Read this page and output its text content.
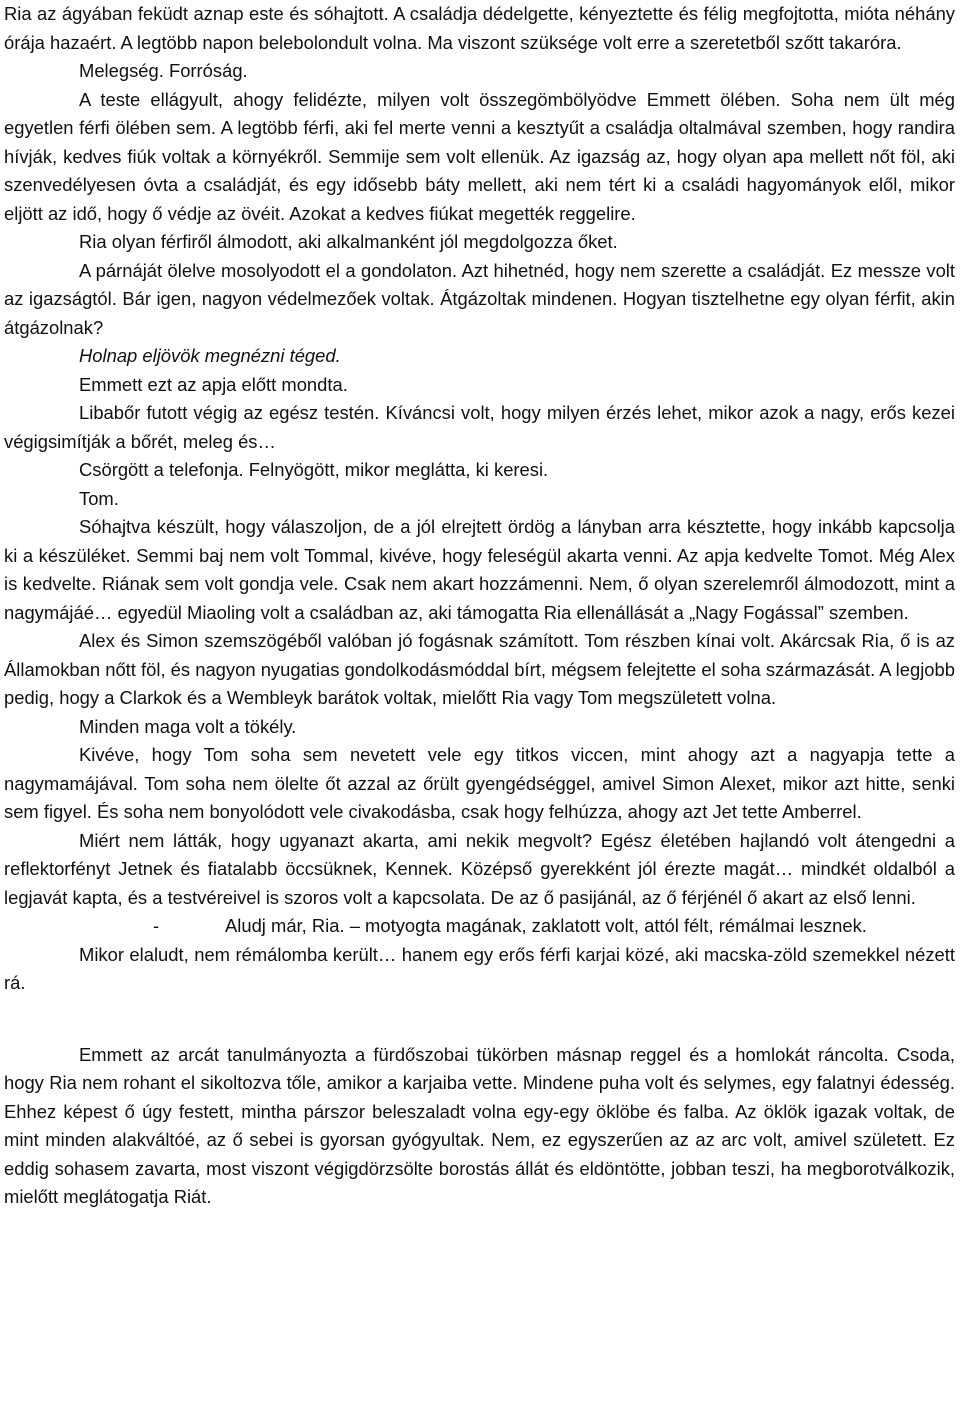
Ria az ágyában feküdt aznap este és sóhajtott. A családja dédelgette, kényeztette és félig megfojtotta, mióta néhány órája hazaért. A legtöbb napon belebolondult volna. Ma viszont szüksége volt erre a szeretetből szőtt takaróra.

Melegség. Forróság.

A teste ellágyult, ahogy felidézte, milyen volt összegömbölyödve Emmett ölében. Soha nem ült még egyetlen férfi ölében sem. A legtöbb férfi, aki fel merte venni a kesztyűt a családja oltalmával szemben, hogy randira hívják, kedves fiúk voltak a környékről. Semmije sem volt ellenük. Az igazság az, hogy olyan apa mellett nőt föl, aki szenvedélyesen óvta a családját, és egy idősebb báty mellett, aki nem tért ki a családi hagyományok elől, mikor eljött az idő, hogy ő védje az övéit. Azokat a kedves fiúkat megették reggelire.

Ria olyan férfiről álmodott, aki alkalmanként jól megdolgozza őket.

A párnáját ölelve mosolyodott el a gondolaton. Azt hihetnéd, hogy nem szerette a családját. Ez messze volt az igazságtól. Bár igen, nagyon védelmezőek voltak. Átgázoltak mindenen. Hogyan tisztelhetne egy olyan férfit, akin átgázolnak?

Holnap eljövök megnézni téged.

Emmett ezt az apja előtt mondta.

Libabőr futott végig az egész testén. Kíváncsi volt, hogy milyen érzés lehet, mikor azok a nagy, erős kezei végigsimítják a bőrét, meleg és…

Csörgött a telefonja. Felnyögött, mikor meglátta, ki keresi.

Tom.

Sóhajtva készült, hogy válaszoljon, de a jól elrejtett ördög a lányban arra késztette, hogy inkább kapcsolja ki a készüléket. Semmi baj nem volt Tommal, kivéve, hogy feleségül akarta venni. Az apja kedvelte Tomot. Még Alex is kedvelte. Riának sem volt gondja vele. Csak nem akart hozzámenni. Nem, ő olyan szerelemről álmodozott, mint a nagymájáé… egyedül Miaoling volt a családban az, aki támogatta Ria ellenállását a „Nagy Fogással” szemben.

Alex és Simon szemszögéből valóban jó fogásnak számított. Tom részben kínai volt. Akárcsak Ria, ő is az Államokban nőtt föl, és nagyon nyugatias gondolkodásmóddal bírt, mégsem felejtette el soha származását. A legjobb pedig, hogy a Clarkok és a Wembleyk barátok voltak, mielőtt Ria vagy Tom megszületett volna.

Minden maga volt a tökély.

Kivéve, hogy Tom soha sem nevetett vele egy titkos viccen, mint ahogy azt a nagyapja tette a nagymamájával. Tom soha nem ölelte őt azzal az őrült gyengédséggel, amivel Simon Alexet, mikor azt hitte, senki sem figyel. És soha nem bonyolódott vele civakodásba, csak hogy felhúzza, ahogy azt Jet tette Amberrel.

Miért nem látták, hogy ugyanazt akarta, ami nekik megvolt? Egész életében hajlandó volt átengedni a reflektorfényt Jetnek és fiatalabb öccsüknek, Kennek. Középső gyerekként jól érezte magát… mindkét oldalból a legjavát kapta, és a testvéreivel is szoros volt a kapcsolata. De az ő pasijánál, az ő férjénél ő akart az első lenni.

-	Aludj már, Ria. – motyogta magának, zaklatott volt, attól félt, rémálmai lesznek.

Mikor elaludt, nem rémálomba került… hanem egy erős férfi karjai közé, aki macska-zöld szemekkel nézett rá.

Emmett az arcát tanulmányozta a fürdőszobai tükörben másnap reggel és a homlokát ráncolta. Csoda, hogy Ria nem rohant el sikoltozva tőle, amikor a karjaiba vette. Mindene puha volt és selymes, egy falatnyi édesség. Ehhez képest ő úgy festett, mintha párszor beleszaladt volna egy-egy öklöbe és falba. Az öklök igazak voltak, de mint minden alakváltóé, az ő sebei is gyorsan gyógyultak. Nem, ez egyszerűen az az arc volt, amivel született. Ez eddig sohasem zavarta, most viszont végigdörzsölte borostás állát és eldöntötte, jobban teszi, ha megborotválkozik, mielőtt meglátogatja Riát.
